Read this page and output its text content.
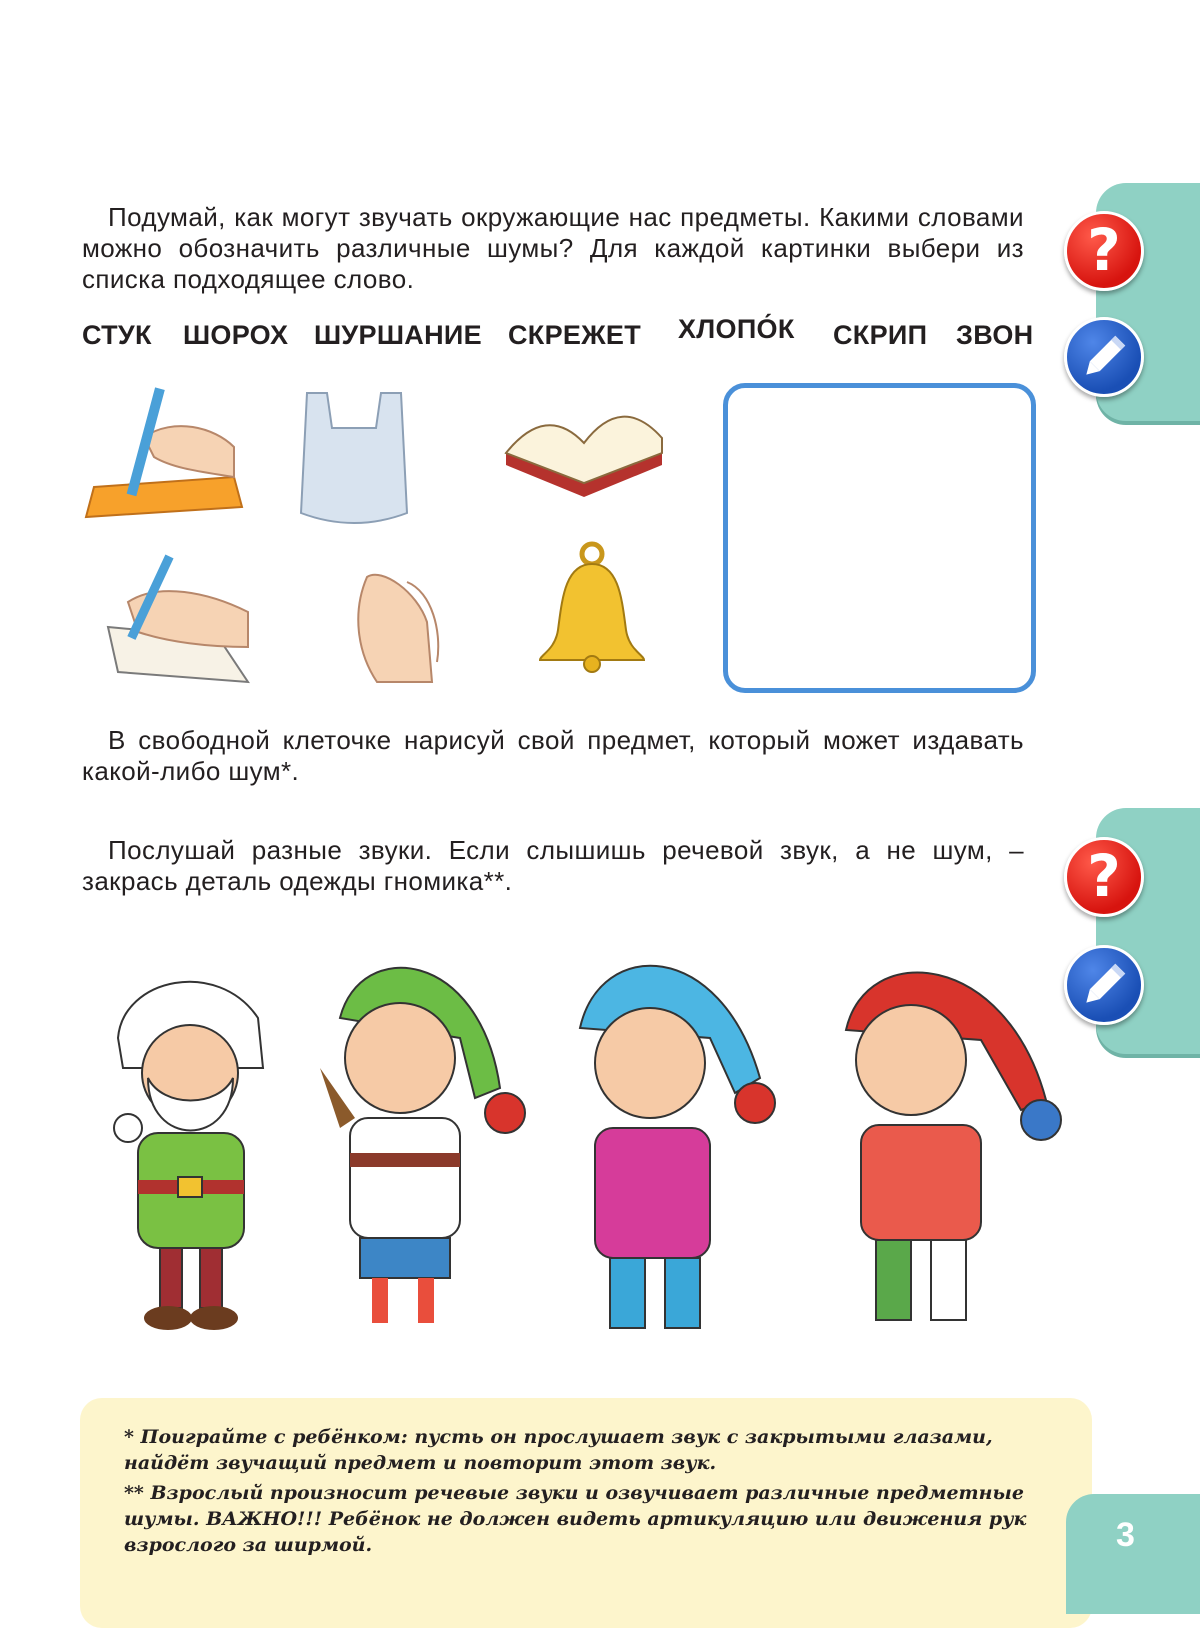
Подумай, как могут звучать окружающие нас предметы. Какими словами можно обозначить различные шумы? Для каждой картинки выбери из списка подходящее слово.
СТУК ШОРОХ ШУРШАНИЕ СКРЕЖЕТ ХЛОПО́К СКРИП ЗВОН
?
В свободной клеточке нарисуй свой предмет, который может издавать какой-либо шум*.
Послушай разные звуки. Если слышишь речевой звук, а не шум, – закрась деталь одежды гномика**.	?

* Поиграйте с ребёнком: пусть он прослушает звук с закрытыми глазами, найдёт звучащий предмет и повторит этот звук.

** Взрослый произносит речевые звуки и озвучивает различные предметные шумы. ВАЖНО!!! Ребёнок не должен видеть артикуляцию или движения рук взрослого за ширмой.	3
